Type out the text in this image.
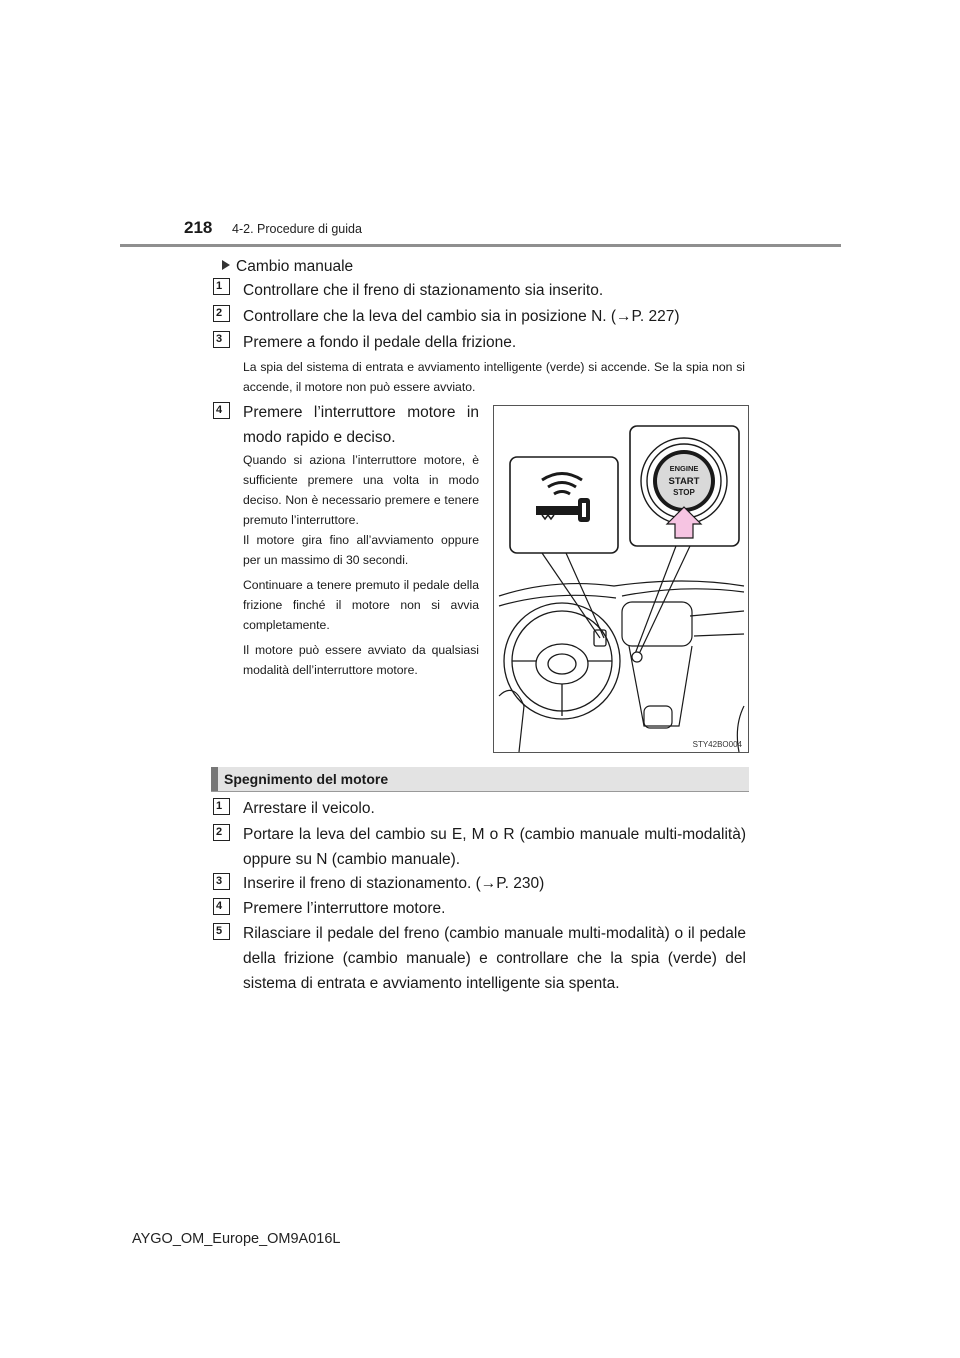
218 4-2. Procedure di guida
Cambio manuale
1	Controllare che il freno di stazionamento sia inserito.
2	Controllare che la leva del cambio sia in posizione N. (→P. 227)
3	Premere a fondo il pedale della frizione.
La spia del sistema di entrata e avviamento intelligente (verde) si accende. Se la spia non si accende, il motore non può essere avviato.
4	Premere l’interruttore motore in modo rapido e deciso.
Quando si aziona l’interruttore motore, è sufficiente premere una volta in modo deciso. Non è necessario premere e tenere premuto l’interruttore.
Il motore gira fino all’avviamento oppure per un massimo di 30 secondi.
Continuare a tenere premuto il pedale della frizione finché il motore non si avvia completamente.
Il motore può essere avviato da qualsiasi modalità dell’interruttore motore.
ENGINE
START
STOP
STY42BO004
Spegnimento del motore
1	Arrestare il veicolo.
2	Portare la leva del cambio su E, M o R (cambio manuale multi-modalità) oppure su N (cambio manuale).
3	Inserire il freno di stazionamento. (→P. 230)
4	Premere l’interruttore motore.
5	Rilasciare il pedale del freno (cambio manuale multi-modalità) o il pedale della frizione (cambio manuale) e controllare che la spia (verde) del sistema di entrata e avviamento intelligente sia spenta.
AYGO_OM_Europe_OM9A016L
